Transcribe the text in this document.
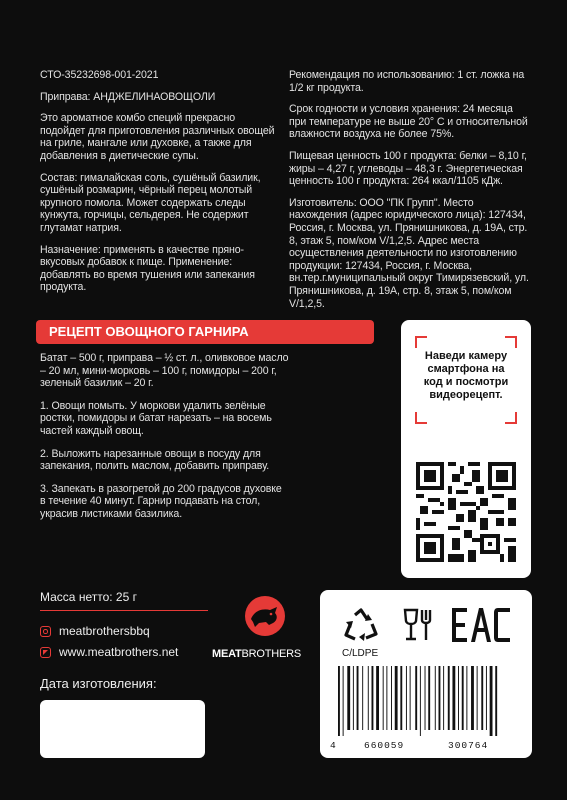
СТО-35232698-001-2021

Приправа: АНДЖЕЛИНАОВОЩОЛИ

Это ароматное комбо специй прекрасно подойдет для приготовления различных овощей на гриле, мангале или духовке, а также для добавления в диетические супы.

Состав: гималайская соль, сушёный базилик, сушёный розмарин, чёрный перец молотый крупного помола. Может содержать следы кунжута, горчицы, сельдерея. Не содержит глутамат натрия.

Назначение: применять в качестве пряно-вкусовых добавок к пище. Применение: добавлять во время тушения или запекания продукта.

Рекомендация по использованию: 1 ст. ложка на 1/2 кг продукта.

Срок годности и условия хранения: 24 месяца при температуре не выше 20° С и относительной влажности воздуха не более 75%.

Пищевая ценность 100 г продукта: белки – 8,10 г, жиры – 4,27 г, углеводы – 48,3 г. Энергетическая ценность 100 г продукта: 264 ккал/1105 кДж.

Изготовитель: ООО "ПК Групп". Место нахождения (адрес юридического лица): 127434, Россия, г. Москва, ул. Прянишникова, д. 19А, стр. 8, этаж 5, пом/ком V/1,2,5. Адрес места осуществления деятельности по изготовлению продукции: 127434, Россия, г. Москва, вн.тер.г.муниципальный округ Тимирязевский, ул. Прянишникова, д. 19А, стр. 8, этаж 5, пом/ком V/1,2,5.

РЕЦЕПТ ОВОЩНОГО ГАРНИРА

Батат – 500 г, приправа – ½ ст. л., оливковое масло – 20 мл, мини-морковь – 100 г, помидоры – 200 г, зеленый базилик – 20 г.

1. Овощи помыть. У моркови удалить зелёные ростки, помидоры и батат нарезать – на восемь частей каждый овощ.

2. Выложить нарезанные овощи в посуду для запекания, полить маслом, добавить приправу.

3. Запекать в разогретой до 200 градусов духовке в течение 40 минут. Гарнир подавать на стол, украсив листиками базилика.

Наведи камеру смартфона на код и посмотри видеорецепт.
Масса нетто: 25 г
meatbrothersbbq
www.meatbrothers.net	MEATBROTHERS
Дата изготовления:
C/LDPE
4	660059	300764
